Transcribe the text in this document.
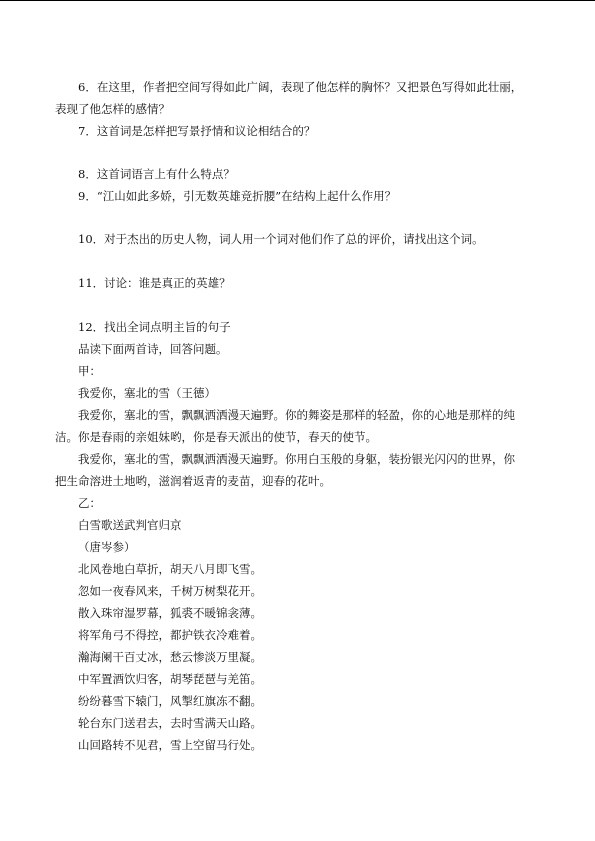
6．在这里，作者把空间写得如此广阔，表现了他怎样的胸怀？又把景色写得如此壮丽，
表现了他怎样的感情？
7．这首词是怎样把写景抒情和议论相结合的？
8．这首词语言上有什么特点？
9．“江山如此多娇，引无数英雄竞折腰”在结构上起什么作用？
10．对于杰出的历史人物，词人用一个词对他们作了总的评价，请找出这个词。
11．讨论：谁是真正的英雄？
12．找出全词点明主旨的句子
品读下面两首诗，回答问题。
甲：
我爱你，塞北的雪（王德）
我爱你，塞北的雪，飘飘洒洒漫天遍野。你的舞姿是那样的轻盈，你的心地是那样的纯
洁。你是春雨的亲姐妹哟，你是春天派出的使节，春天的使节。
我爱你，塞北的雪，飘飘洒洒漫天遍野。你用白玉般的身躯，装扮银光闪闪的世界，你
把生命溶进土地哟，滋润着返青的麦苗，迎春的花叶。
乙：
白雪歌送武判官归京
（唐岑参）
北风卷地白草折，胡天八月即飞雪。
忽如一夜春风来，千树万树梨花开。
散入珠帘湿罗幕，狐裘不暖锦衾薄。
将军角弓不得控，都护铁衣冷难着。
瀚海阑干百丈冰，愁云惨淡万里凝。
中军置酒饮归客，胡琴琵琶与羌笛。
纷纷暮雪下辕门，风掣红旗冻不翻。
轮台东门送君去，去时雪满天山路。
山回路转不见君，雪上空留马行处。
